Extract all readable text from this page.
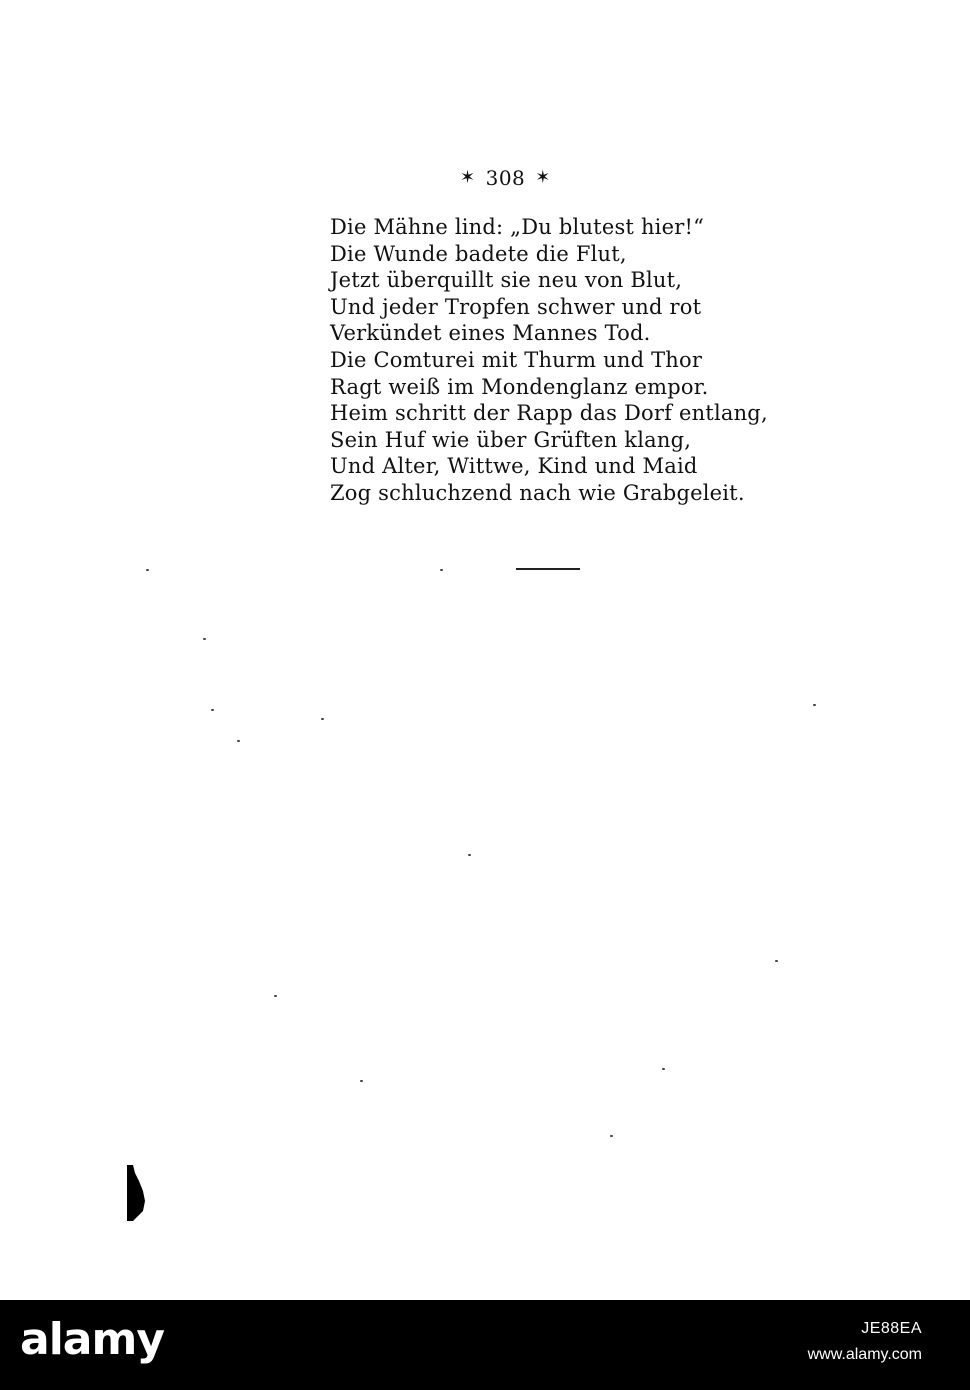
✶ 308 ✶
Die Mähne lind: „Du blutest hier!“
Die Wunde badete die Flut,
Jetzt überquillt sie neu von Blut,
Und jeder Tropfen schwer und rot
Verkündet eines Mannes Tod.
Die Comturei mit Thurm und Thor
Ragt weiß im Mondenglanz empor.
Heim schritt der Rapp das Dorf entlang,
Sein Huf wie über Grüften klang,
Und Alter, Wittwe, Kind und Maid
Zog schluchzend nach wie Grabgeleit.
alamy	JE88EA
www.alamy.com
